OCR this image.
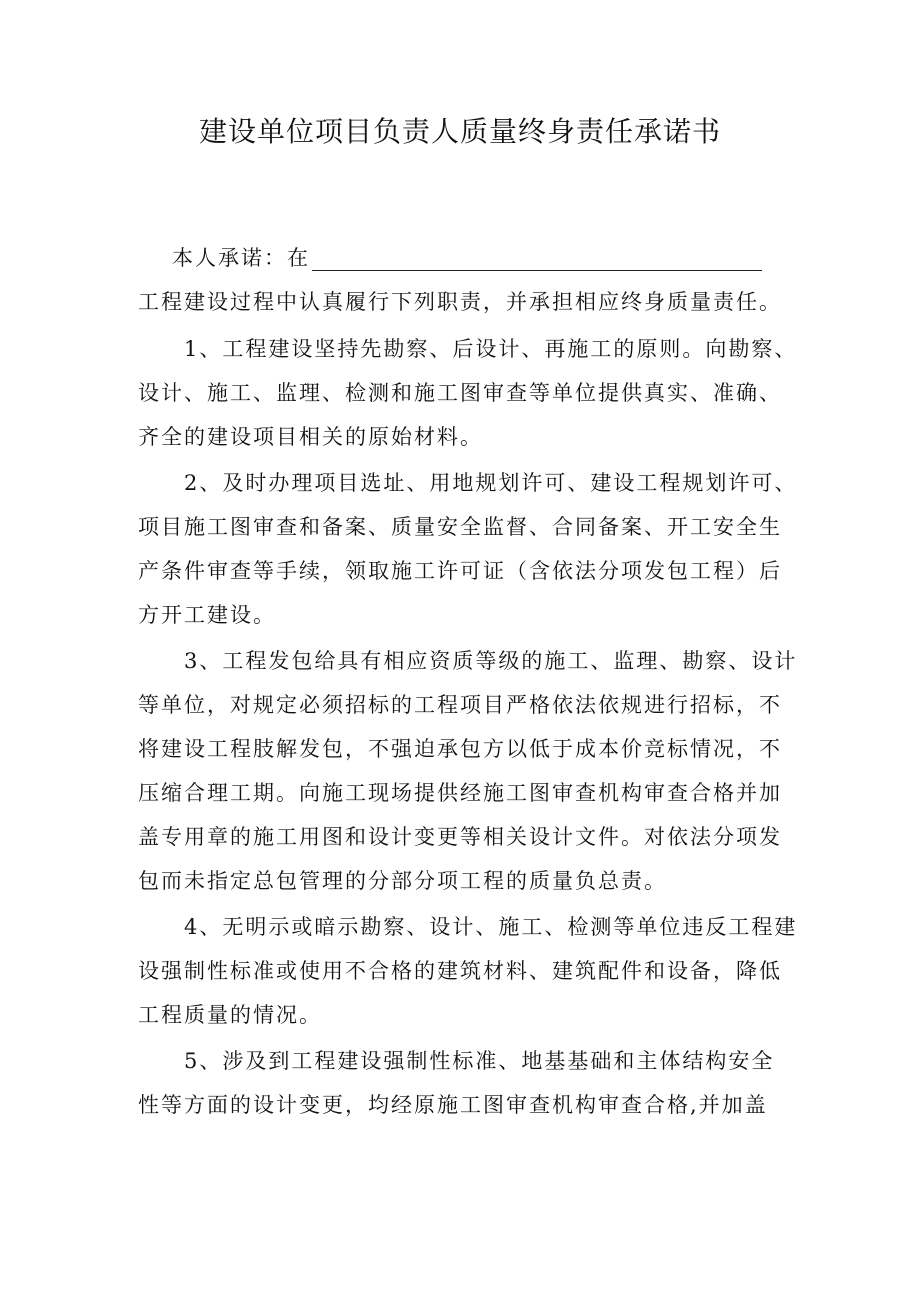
建设单位项目负责人质量终身责任承诺书
本人承诺：在
工程建设过程中认真履行下列职责，并承担相应终身质量责任。
1、工程建设坚持先勘察、后设计、再施工的原则。向勘察、
设计、施工、监理、检测和施工图审查等单位提供真实、准确、
齐全的建设项目相关的原始材料。
2、及时办理项目选址、用地规划许可、建设工程规划许可、
项目施工图审查和备案、质量安全监督、合同备案、开工安全生
产条件审查等手续，领取施工许可证（含依法分项发包工程）后
方开工建设。
3、工程发包给具有相应资质等级的施工、监理、勘察、设计
等单位，对规定必须招标的工程项目严格依法依规进行招标，不
将建设工程肢解发包，不强迫承包方以低于成本价竞标情况，不
压缩合理工期。向施工现场提供经施工图审查机构审查合格并加
盖专用章的施工用图和设计变更等相关设计文件。对依法分项发
包而未指定总包管理的分部分项工程的质量负总责。
4、无明示或暗示勘察、设计、施工、检测等单位违反工程建
设强制性标准或使用不合格的建筑材料、建筑配件和设备，降低
工程质量的情况。
5、涉及到工程建设强制性标准、地基基础和主体结构安全
性等方面的设计变更，均经原施工图审查机构审查合格,并加盖
